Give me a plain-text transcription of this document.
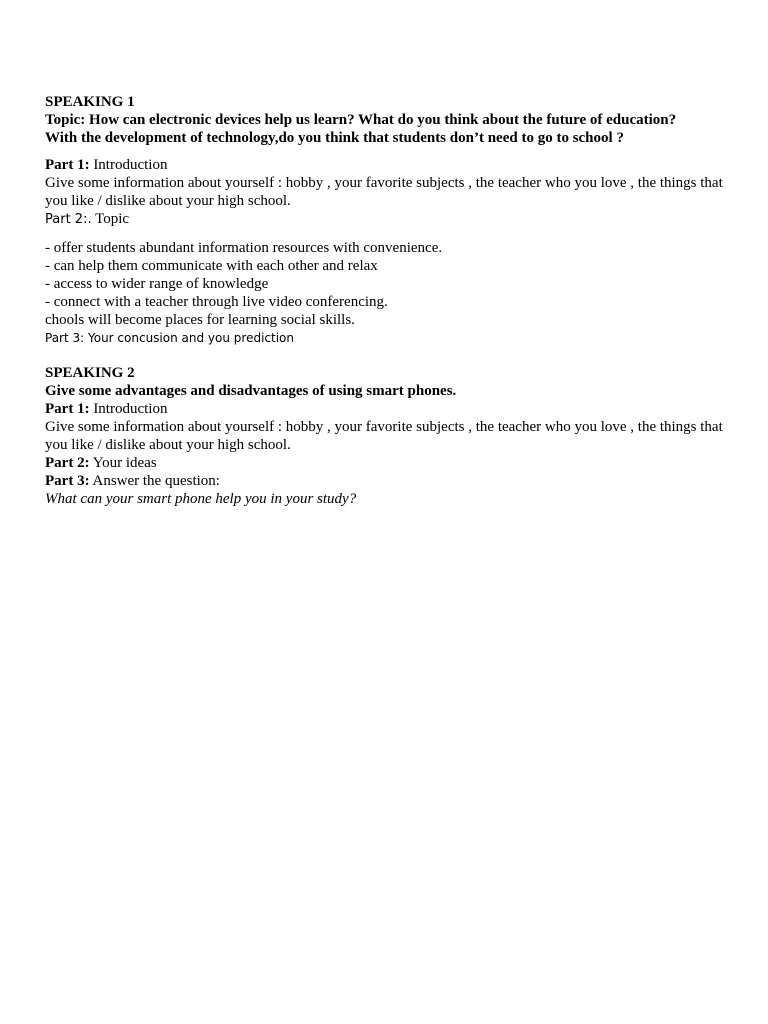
SPEAKING 1
Topic: How can electronic devices help us learn? What do you think about the future of education?
With the development of technology,do you think that students don’t need to go to school ?
Part 1: Introduction
Give some information about yourself : hobby , your favorite subjects , the teacher who you love , the things that you like / dislike about your high school.
Part 2:. Topic
- offer students abundant information resources with convenience.
- can help them communicate with each other and relax
- access to wider range of knowledge
- connect with a teacher through live video conferencing.
chools will become places for learning social skills.
Part 3: Your concusion and you prediction
SPEAKING 2
Give some advantages and disadvantages of using smart phones.
Part 1: Introduction
Give some information about yourself : hobby , your favorite subjects , the teacher who you love , the things that you like / dislike about your high school.
Part 2: Your ideas
Part 3: Answer the question:
What can your smart phone help you in your study?
